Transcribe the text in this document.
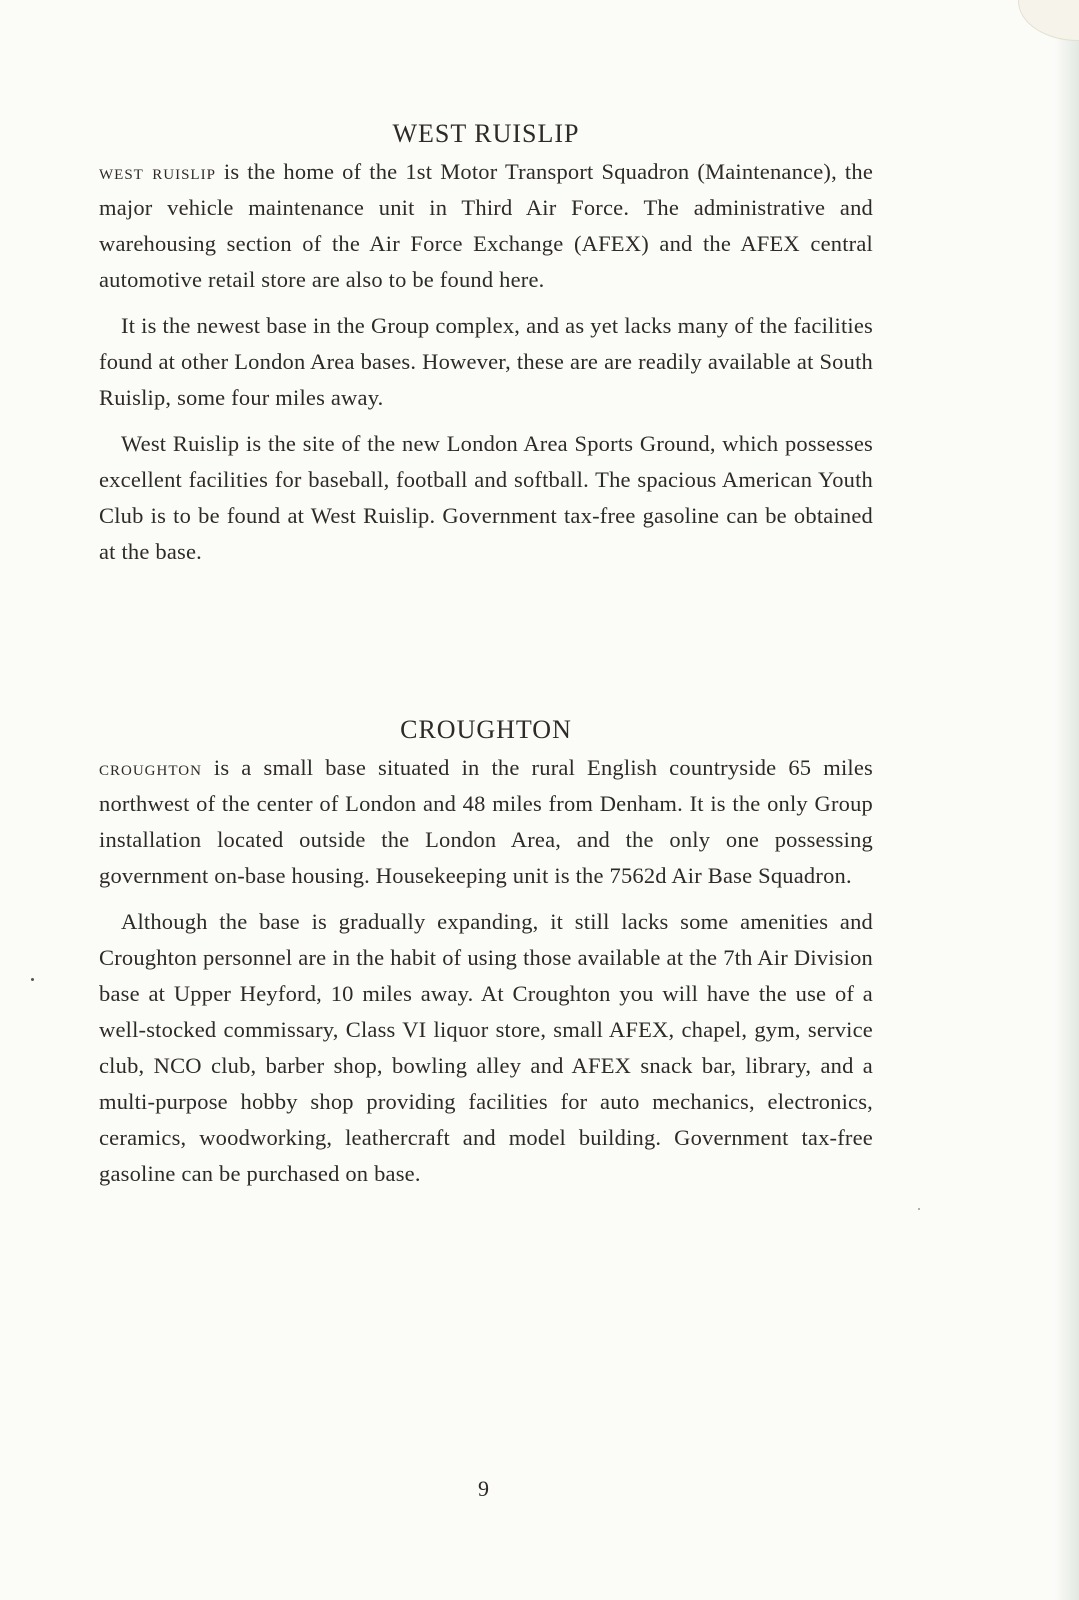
WEST RUISLIP

west ruislip is the home of the 1st Motor Transport Squadron (Maintenance), the major vehicle maintenance unit in Third Air Force. The administrative and warehousing section of the Air Force Exchange (AFEX) and the AFEX central automotive retail store are also to be found here.

It is the newest base in the Group complex, and as yet lacks many of the facilities found at other London Area bases. However, these are are readily available at South Ruislip, some four miles away.

West Ruislip is the site of the new London Area Sports Ground, which possesses excellent facilities for baseball, football and softball. The spacious American Youth Club is to be found at West Ruislip. Government tax-free gasoline can be obtained at the base.

CROUGHTON

croughton is a small base situated in the rural English countryside 65 miles northwest of the center of London and 48 miles from Denham. It is the only Group installation located outside the London Area, and the only one possessing government on-base housing. Housekeeping unit is the 7562d Air Base Squadron.

Although the base is gradually expanding, it still lacks some amenities and Croughton personnel are in the habit of using those available at the 7th Air Division base at Upper Heyford, 10 miles away. At Croughton you will have the use of a well-stocked commissary, Class VI liquor store, small AFEX, chapel, gym, service club, NCO club, barber shop, bowling alley and AFEX snack bar, library, and a multi-purpose hobby shop providing facilities for auto mechanics, electronics, ceramics, woodworking, leathercraft and model building. Government tax-free gasoline can be purchased on base.

9
